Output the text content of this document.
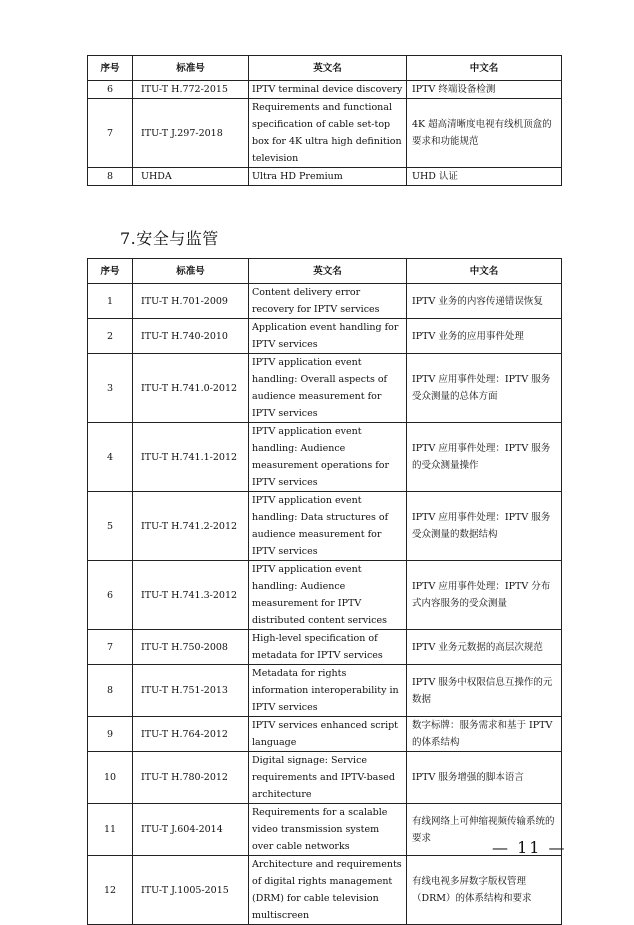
序号	标准号	英文名	中文名
6	ITU-T H.772-2015	IPTV terminal device discovery	IPTV 终端设备检测
7	ITU-T J.297-2018	Requirements and functional specification of cable set-top box for 4K ultra high definition television	4K 超高清晰度电视有线机顶盒的要求和功能规范
8	UHDA	Ultra HD Premium	UHD 认证
7.安全与监管
序号	标准号	英文名	中文名
1	ITU-T H.701-2009	Content delivery error recovery for IPTV services	IPTV 业务的内容传递错误恢复
2	ITU-T H.740-2010	Application event handling for IPTV services	IPTV 业务的应用事件处理
3	ITU-T H.741.0-2012	IPTV application event handling: Overall aspects of audience measurement for IPTV services	IPTV 应用事件处理：IPTV 服务受众测量的总体方面
4	ITU-T H.741.1-2012	IPTV application event handling: Audience measurement operations for IPTV services	IPTV 应用事件处理：IPTV 服务的受众测量操作
5	ITU-T H.741.2-2012	IPTV application event handling: Data structures of audience measurement for IPTV services	IPTV 应用事件处理：IPTV 服务受众测量的数据结构
6	ITU-T H.741.3-2012	IPTV application event handling: Audience measurement for IPTV distributed content services	IPTV 应用事件处理：IPTV 分布式内容服务的受众测量
7	ITU-T H.750-2008	High-level specification of metadata for IPTV services	IPTV 业务元数据的高层次规范
8	ITU-T H.751-2013	Metadata for rights information interoperability in IPTV services	IPTV 服务中权限信息互操作的元数据
9	ITU-T H.764-2012	IPTV services enhanced script language	数字标牌：服务需求和基于 IPTV 的体系结构
10	ITU-T H.780-2012	Digital signage: Service requirements and IPTV-based architecture	IPTV 服务增强的脚本语言
11	ITU-T J.604-2014	Requirements for a scalable video transmission system over cable networks	有线网络上可伸缩视频传输系统的要求
12	ITU-T J.1005-2015	Architecture and requirements of digital rights management (DRM) for cable television multiscreen	有线电视多屏数字版权管理（DRM）的体系结构和要求
— 11 —
